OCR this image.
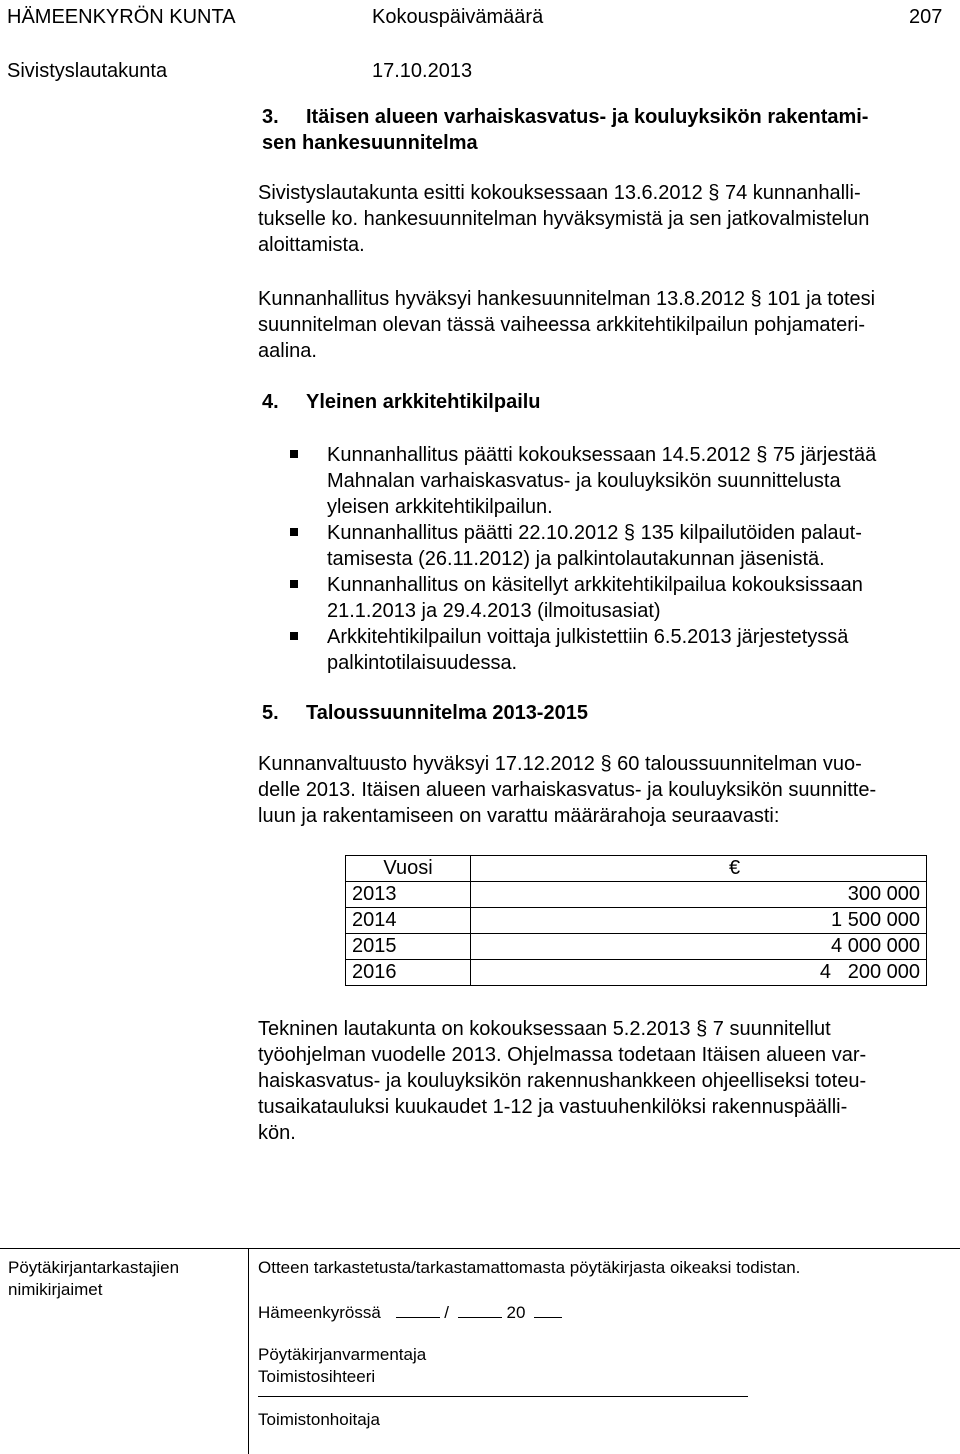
HÄMEENKYRÖN KUNTA	Kokouspäivämäärä	207
Sivistyslautakunta	17.10.2013
3. Itäisen alueen varhaiskasvatus- ja kouluyksikön rakentami-
sen hankesuunnitelma
Sivistyslautakunta esitti kokouksessaan 13.6.2012 § 74 kunnanhalli-
tukselle ko. hankesuunnitelman hyväksymistä ja sen jatkovalmistelun
aloittamista.
Kunnanhallitus hyväksyi hankesuunnitelman 13.8.2012 § 101 ja totesi
suunnitelman olevan tässä vaiheessa arkkitehtikilpailun pohjamateri-
aalina.
4. Yleinen arkkitehtikilpailu
Kunnanhallitus päätti kokouksessaan 14.5.2012 § 75 järjestää
Mahnalan varhaiskasvatus- ja kouluyksikön suunnittelusta
yleisen arkkitehtikilpailun.
Kunnanhallitus päätti 22.10.2012 § 135 kilpailutöiden palaut-
tamisesta (26.11.2012) ja palkintolautakunnan jäsenistä.
Kunnanhallitus on käsitellyt arkkitehtikilpailua kokouksissaan
21.1.2013 ja 29.4.2013 (ilmoitusasiat)
Arkkitehtikilpailun voittaja julkistettiin 6.5.2013 järjestetyssä
palkintotilaisuudessa.
5. Taloussuunnitelma 2013-2015
Kunnanvaltuusto hyväksyi 17.12.2012 § 60 taloussuunnitelman vuo-
delle 2013. Itäisen alueen varhaiskasvatus- ja kouluyksikön suunnitte-
luun ja rakentamiseen on varattu määrärahoja seuraavasti:
Vuosi	€
2013	300 000
2014	1 500 000
2015	4 000 000
2016	4   200 000
Tekninen lautakunta on kokouksessaan 5.2.2013 § 7 suunnitellut
työohjelman vuodelle 2013. Ohjelmassa todetaan Itäisen alueen var-
haiskasvatus- ja kouluyksikön rakennushankkeen ohjeelliseksi toteu-
tusaikatauluksi kuukaudet 1-12 ja vastuuhenkilöksi rakennuspäälli-
kön.
Pöytäkirjantarkastajien
nimikirjaimet
Otteen tarkastetusta/tarkastamattomasta pöytäkirjasta oikeaksi todistan.
Hämeenkyrössä	/	20
Pöytäkirjanvarmentaja
Toimistosihteeri
Toimistonhoitaja
